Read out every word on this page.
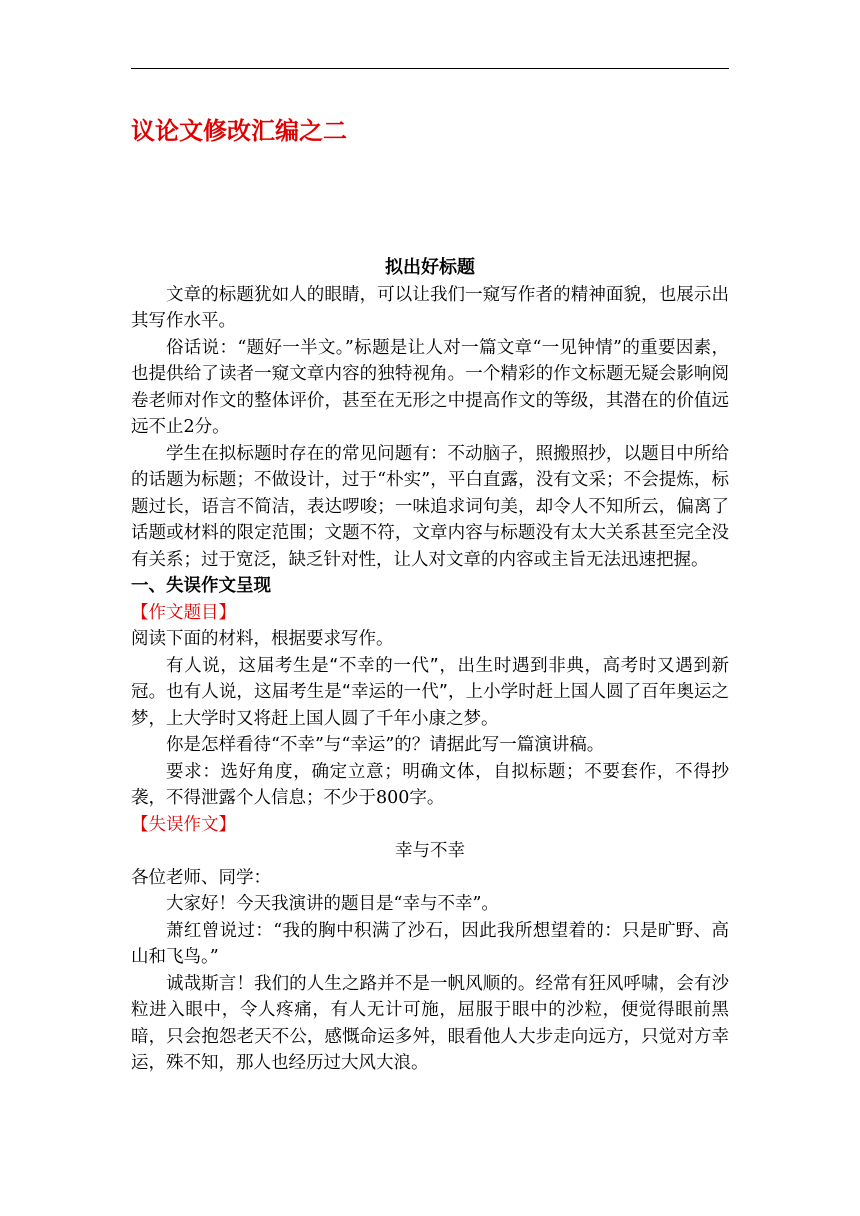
议论文修改汇编之二
拟出好标题

文章的标题犹如人的眼睛，可以让我们一窥写作者的精神面貌，也展示出其写作水平。

俗话说：“题好一半文。”标题是让人对一篇文章“一见钟情”的重要因素，也提供给了读者一窥文章内容的独特视角。一个精彩的作文标题无疑会影响阅卷老师对作文的整体评价，甚至在无形之中提高作文的等级，其潜在的价值远远不止2分。

学生在拟标题时存在的常见问题有：不动脑子，照搬照抄，以题目中所给的话题为标题；不做设计，过于“朴实”，平白直露，没有文采；不会提炼，标题过长，语言不简洁，表达啰唆；一味追求词句美，却令人不知所云，偏离了话题或材料的限定范围；文题不符，文章内容与标题没有太大关系甚至完全没有关系；过于宽泛，缺乏针对性，让人对文章的内容或主旨无法迅速把握。

一、失误作文呈现

【作文题目】

阅读下面的材料，根据要求写作。

有人说，这届考生是“不幸的一代”，出生时遇到非典，高考时又遇到新冠。也有人说，这届考生是“幸运的一代”，上小学时赶上国人圆了百年奥运之梦，上大学时又将赶上国人圆了千年小康之梦。

你是怎样看待“不幸”与“幸运”的？请据此写一篇演讲稿。

要求：选好角度，确定立意；明确文体，自拟标题；不要套作，不得抄袭，不得泄露个人信息；不少于800字。

【失误作文】

幸与不幸

各位老师、同学：

大家好！今天我演讲的题目是“幸与不幸”。

萧红曾说过：“我的胸中积满了沙石，因此我所想望着的：只是旷野、高山和飞鸟。”

诚哉斯言！我们的人生之路并不是一帆风顺的。经常有狂风呼啸，会有沙粒进入眼中，令人疼痛，有人无计可施，屈服于眼中的沙粒，便觉得眼前黑暗，只会抱怨老天不公，感慨命运多舛，眼看他人大步走向远方，只觉对方幸运，殊不知，那人也经历过大风大浪。
